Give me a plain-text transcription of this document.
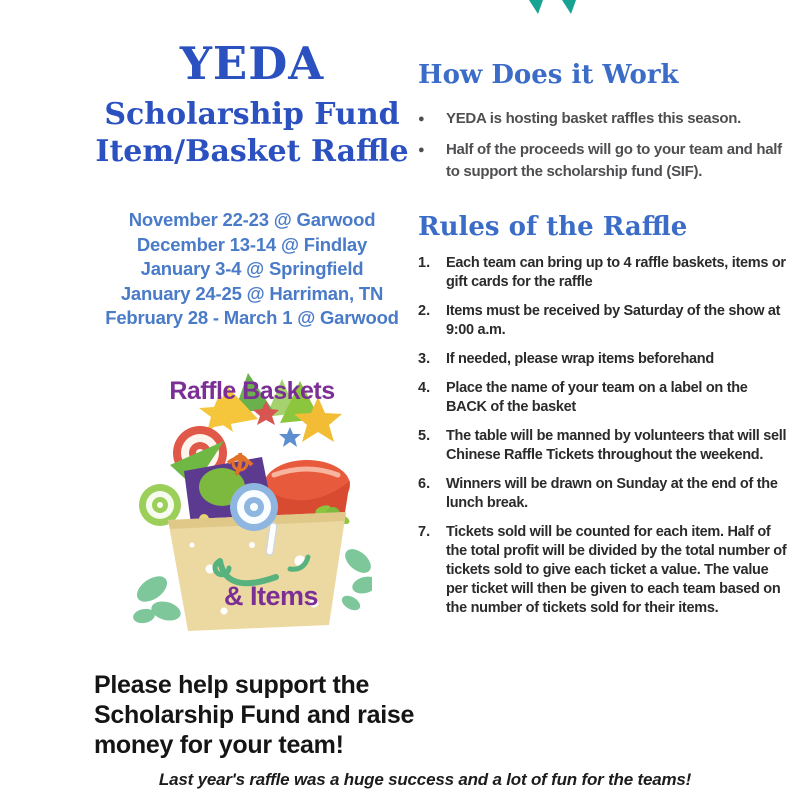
YEDA
Scholarship Fund
Item/Basket Raffle
November 22-23 @ Garwood
December 13-14 @ Findlay
January 3-4 @ Springfield
January 24-25 @ Harriman, TN
February 28 - March 1 @ Garwood
Raffle Baskets
& Items
Please help support the Scholarship Fund and raise money for your team!
How Does it Work
●	YEDA is hosting basket raffles this season.
●	Half of the proceeds will go to your team and half to support the scholarship fund (SIF).
Rules of the Raffle
1.	Each team can bring up to 4 raffle baskets, items or gift cards for the raffle
2.	Items must be received by Saturday of the show at 9:00 a.m.
3.	If needed, please wrap items beforehand
4.	Place the name of your team on a label on the BACK of the basket
5.	The table will be manned by volunteers that will sell Chinese Raffle Tickets throughout the weekend.
6.	Winners will be drawn on Sunday at the end of the lunch break.
7.	Tickets sold will be counted for each item. Half of the total profit will be divided by the total number of tickets sold to give each ticket a value. The value per ticket will then be given to each team based on the number of tickets sold for their items.
Last year's raffle was a huge success and a lot of fun for the teams!
